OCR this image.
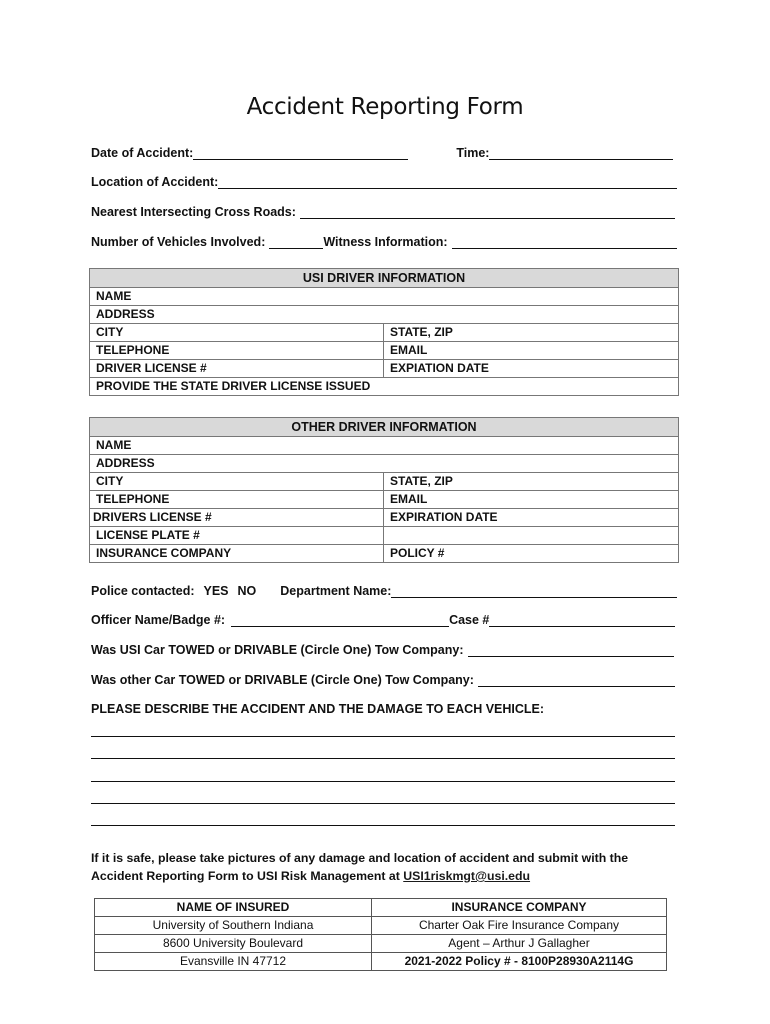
Accident Reporting Form
Date of Accident:	Time:
Location of Accident:
Nearest Intersecting Cross Roads:
Number of Vehicles Involved:	Witness Information:
USI DRIVER INFORMATION	
NAME	
ADDRESS	
CITY	STATE, ZIP
TELEPHONE	EMAIL
DRIVER LICENSE #	EXPIATION DATE
PROVIDE THE STATE DRIVER LICENSE ISSUED	
OTHER DRIVER INFORMATION	
NAME	
ADDRESS	
CITY	STATE, ZIP
TELEPHONE	EMAIL
DRIVERS LICENSE #	EXPIRATION DATE
LICENSE PLATE #	
INSURANCE COMPANY	POLICY #
Police contacted: YES NO Department Name:
Officer Name/Badge #:	Case #
Was USI Car TOWED or DRIVABLE (Circle One) Tow Company:
Was other Car TOWED or DRIVABLE (Circle One) Tow Company:
PLEASE DESCRIBE THE ACCIDENT AND THE DAMAGE TO EACH VEHICLE:
If it is safe, please take pictures of any damage and location of accident and submit with the Accident Reporting Form to USI Risk Management at USI1riskmgt@usi.edu
NAME OF INSURED	INSURANCE COMPANY
University of Southern Indiana	Charter Oak Fire Insurance Company
8600 University Boulevard	Agent – Arthur J Gallagher
Evansville IN 47712	2021-2022 Policy # - 8100P28930A2114G
